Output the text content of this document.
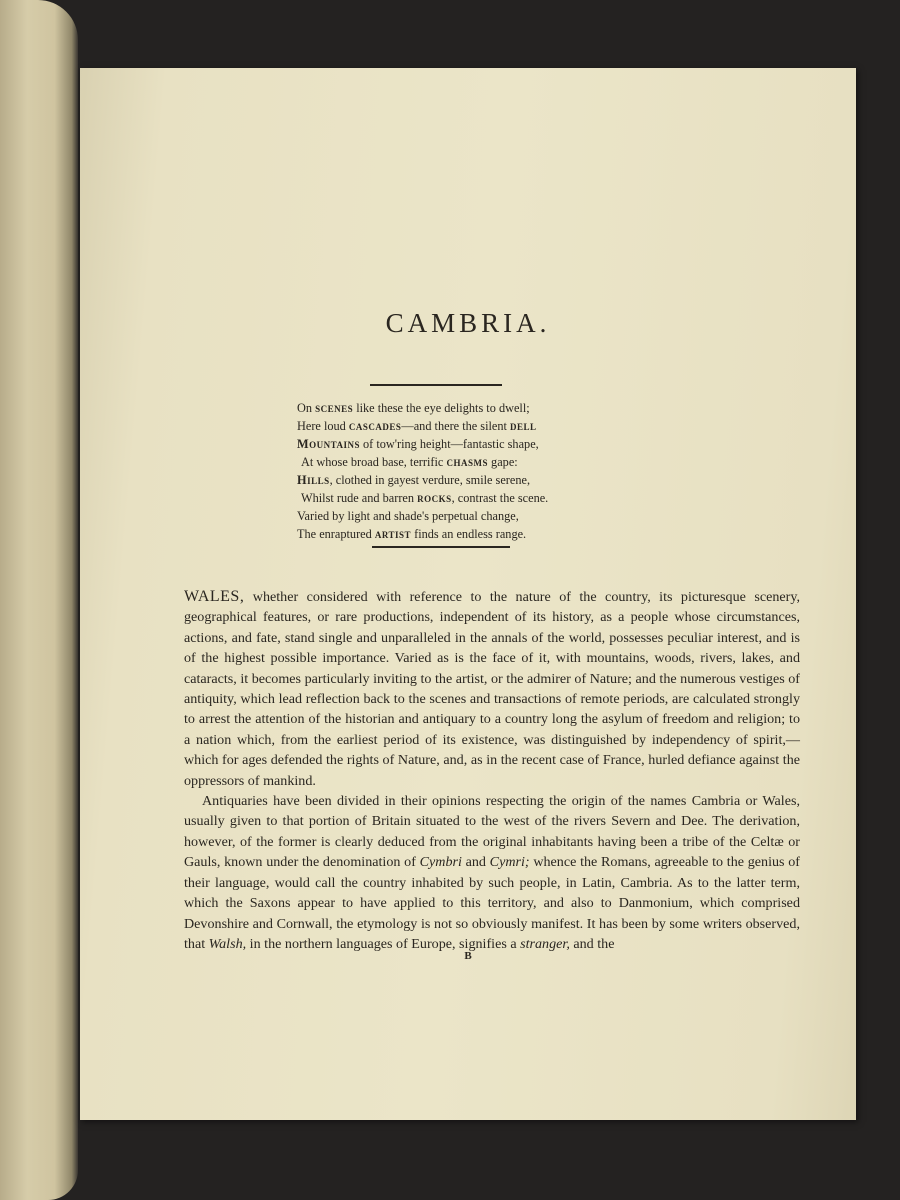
CAMBRIA.
On scenes like these the eye delights to dwell;
Here loud cascades—and there the silent dell
Mountains of tow'ring height—fantastic shape,
At whose broad base, terrific chasms gape:
Hills, clothed in gayest verdure, smile serene,
Whilst rude and barren rocks, contrast the scene.
Varied by light and shade's perpetual change,
The enraptured artist finds an endless range.

WALES, whether considered with reference to the nature of the country, its picturesque scenery, geographical features, or rare productions, independent of its history, as a people whose circumstances, actions, and fate, stand single and unparalleled in the annals of the world, possesses peculiar interest, and is of the highest possible importance. Varied as is the face of it, with mountains, woods, rivers, lakes, and cataracts, it becomes particularly inviting to the artist, or the admirer of Nature; and the numerous vestiges of antiquity, which lead reflection back to the scenes and transactions of remote periods, are calculated strongly to arrest the attention of the historian and antiquary to a country long the asylum of freedom and religion; to a nation which, from the earliest period of its existence, was distinguished by independency of spirit,—which for ages defended the rights of Nature, and, as in the recent case of France, hurled defiance against the oppressors of mankind.

Antiquaries have been divided in their opinions respecting the origin of the names Cambria or Wales, usually given to that portion of Britain situated to the west of the rivers Severn and Dee. The derivation, however, of the former is clearly deduced from the original inhabitants having been a tribe of the Celtæ or Gauls, known under the denomination of Cymbri and Cymri; whence the Romans, agreeable to the genius of their language, would call the country inhabited by such people, in Latin, Cambria. As to the latter term, which the Saxons appear to have applied to this territory, and also to Danmonium, which comprised Devonshire and Cornwall, the etymology is not so obviously manifest. It has been by some writers observed, that Walsh, in the northern languages of Europe, signifies a stranger, and the

B
